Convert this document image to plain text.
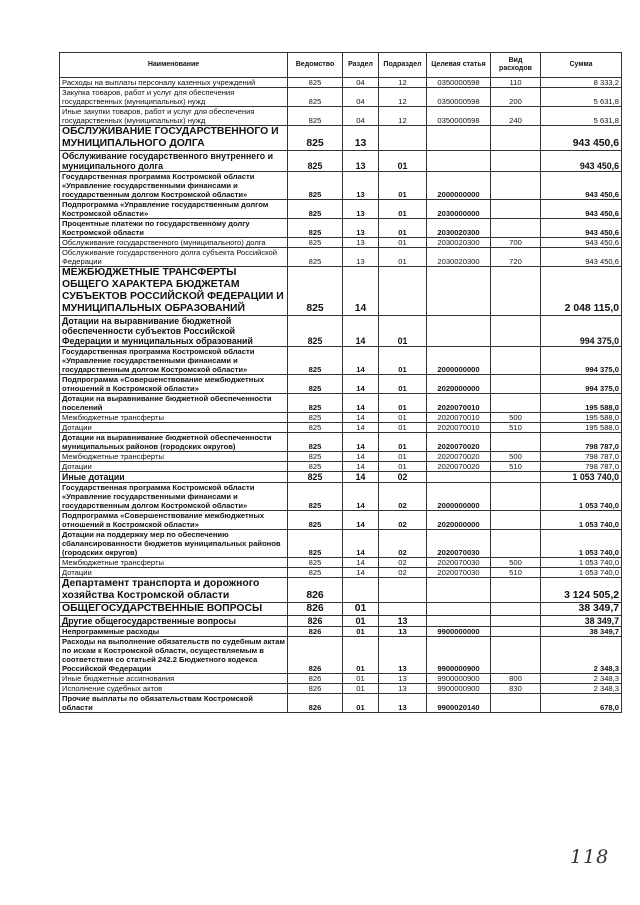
Наименование	Ведомство	Раздел	Подраздел	Целевая статья	Вид расходов	Сумма
Расходы на выплаты персоналу казенных учреждений	825	04	12	0350000598	110	8 333,2
Закупка товаров, работ и услуг для обеспечения государственных (муниципальных) нужд	825	04	12	0350000598	200	5 631,8
Иные закупки товаров, работ и услуг для обеспечения государственных (муниципальных) нужд	825	04	12	0350000598	240	5 631,8
ОБСЛУЖИВАНИЕ ГОСУДАРСТВЕННОГО И МУНИЦИПАЛЬНОГО ДОЛГА	825	13				943 450,6
Обслуживание государственного внутреннего и муниципального долга	825	13	01			943 450,6
Государственная программа Костромской области «Управление государственными финансами и государственным долгом Костромской области»	825	13	01	2000000000		943 450,6
Подпрограмма «Управление государственным долгом Костромской области»	825	13	01	2030000000		943 450,6
Процентные платежи по государственному долгу Костромской области	825	13	01	2030020300		943 450,6
Обслуживание государственного (муниципального) долга	825	13	01	2030020300	700	943 450,6
Обслуживание государственного долга субъекта Российской Федерации	825	13	01	2030020300	720	943 450,6
МЕЖБЮДЖЕТНЫЕ ТРАНСФЕРТЫ ОБЩЕГО ХАРАКТЕРА БЮДЖЕТАМ СУБЪЕКТОВ РОССИЙСКОЙ ФЕДЕРАЦИИ И МУНИЦИПАЛЬНЫХ ОБРАЗОВАНИЙ	825	14				2 048 115,0
Дотации на выравнивание бюджетной обеспеченности субъектов Российской Федерации и муниципальных образований	825	14	01			994 375,0
Государственная программа Костромской области «Управление государственными финансами и государственным долгом Костромской области»	825	14	01	2000000000		994 375,0
Подпрограмма «Совершенствование межбюджетных отношений в Костромской области»	825	14	01	2020000000		994 375,0
Дотации на выравнивание бюджетной обеспеченности поселений	825	14	01	2020070010		195 588,0
Межбюджетные трансферты	825	14	01	2020070010	500	195 588,0
Дотации	825	14	01	2020070010	510	195 588,0
Дотации на выравнивание бюджетной обеспеченности муниципальных районов (городских округов)	825	14	01	2020070020		798 787,0
Межбюджетные трансферты	825	14	01	2020070020	500	798 787,0
Дотации	825	14	01	2020070020	510	798 787,0
Иные дотации	825	14	02			1 053 740,0
Государственная программа Костромской области «Управление государственными финансами и государственным долгом Костромской области»	825	14	02	2000000000		1 053 740,0
Подпрограмма «Совершенствование межбюджетных отношений в Костромской области»	825	14	02	2020000000		1 053 740,0
Дотации на поддержку мер по обеспечению сбалансированности бюджетов муниципальных районов (городских округов)	825	14	02	2020070030		1 053 740,0
Межбюджетные трансферты	825	14	02	2020070030	500	1 053 740,0
Дотации	825	14	02	2020070030	510	1 053 740,0
Департамент транспорта и дорожного хозяйства Костромской области	826					3 124 505,2
ОБЩЕГОСУДАРСТВЕННЫЕ ВОПРОСЫ	826	01				38 349,7
Другие общегосударственные вопросы	826	01	13			38 349,7
Непрограммные расходы	826	01	13	9900000000		38 349,7
Расходы на выполнение обязательств по судебным актам по искам к Костромской области, осуществляемым в соответствии со статьей 242.2 Бюджетного кодекса Российской Федерации	826	01	13	9900000900		2 348,3
Иные бюджетные ассигнования	826	01	13	9900000900	800	2 348,3
Исполнение судебных актов	826	01	13	9900000900	830	2 348,3
Прочие выплаты по обязательствам Костромской области	826	01	13	9900020140		678,0
118
